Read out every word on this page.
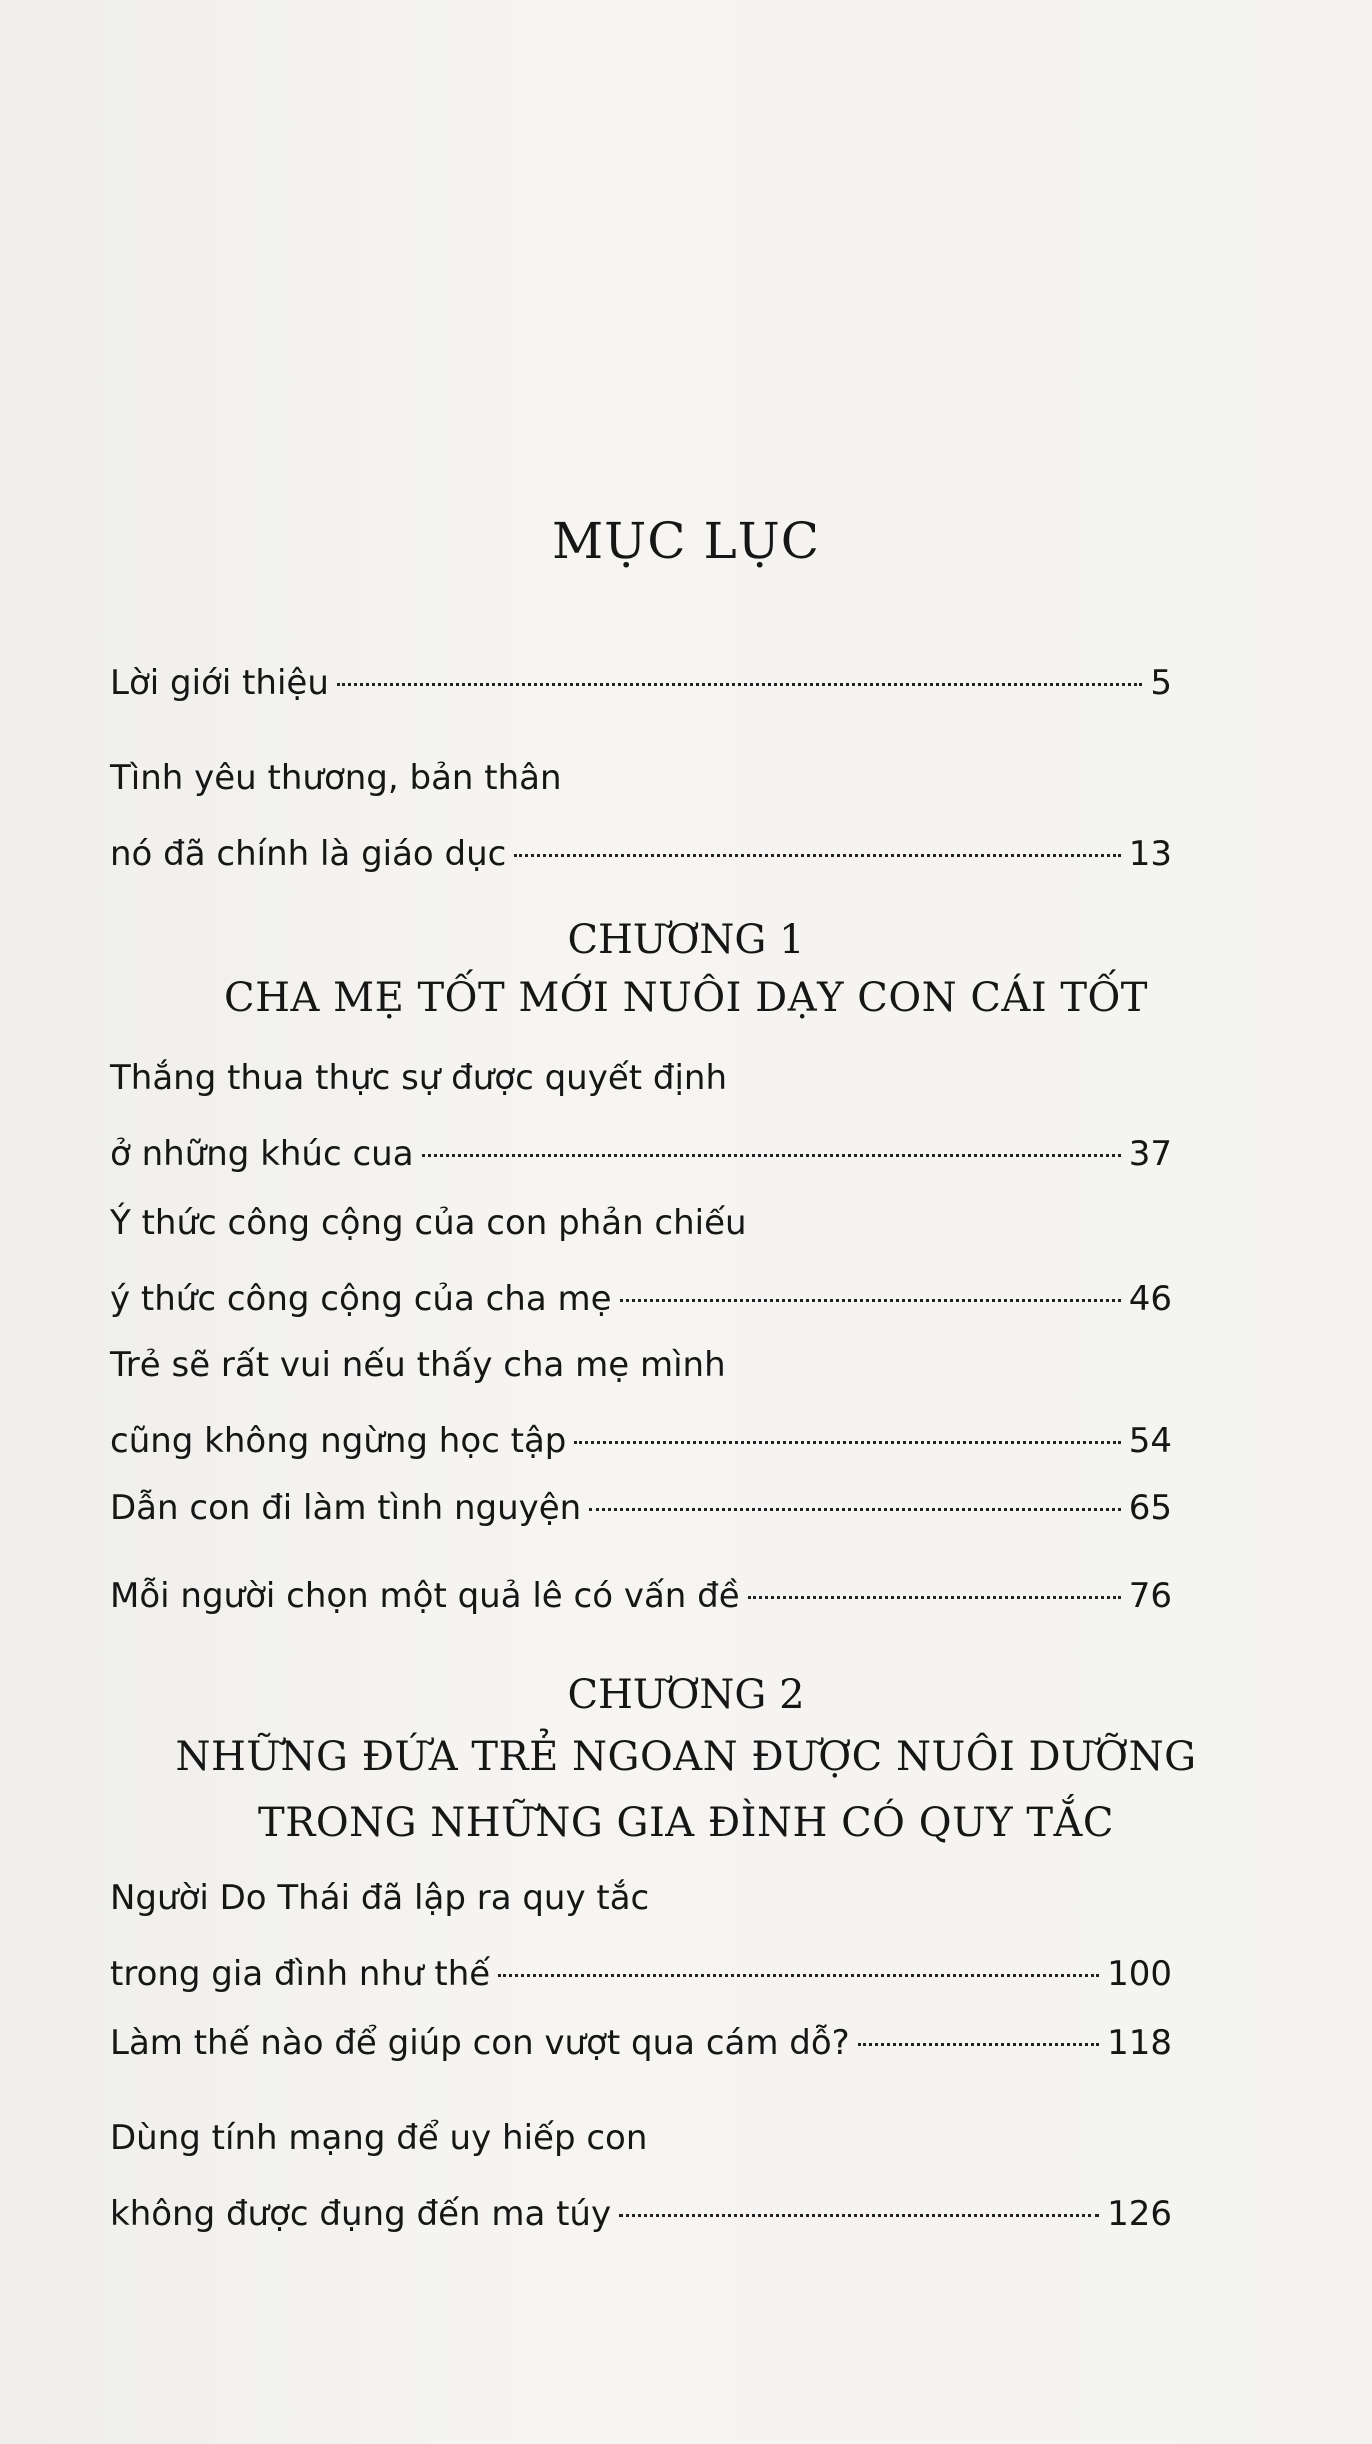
MỤC LỤC
Lời giới thiệu	5
Tình yêu thương, bản thân
nó đã chính là giáo dục	13
CHƯƠNG 1
CHA MẸ TỐT MỚI NUÔI DẠY CON CÁI TỐT
Thắng thua thực sự được quyết định
ở những khúc cua	37
Ý thức công cộng của con phản chiếu
ý thức công cộng của cha mẹ	46
Trẻ sẽ rất vui nếu thấy cha mẹ mình
cũng không ngừng học tập	54
Dẫn con đi làm tình nguyện	65
Mỗi người chọn một quả lê có vấn đề	76
CHƯƠNG 2
NHỮNG ĐỨA TRẺ NGOAN ĐƯỢC NUÔI DƯỠNG
TRONG NHỮNG GIA ĐÌNH CÓ QUY TẮC
Người Do Thái đã lập ra quy tắc
trong gia đình như thế	100
Làm thế nào để giúp con vượt qua cám dỗ?	118
Dùng tính mạng để uy hiếp con
không được đụng đến ma túy	126
